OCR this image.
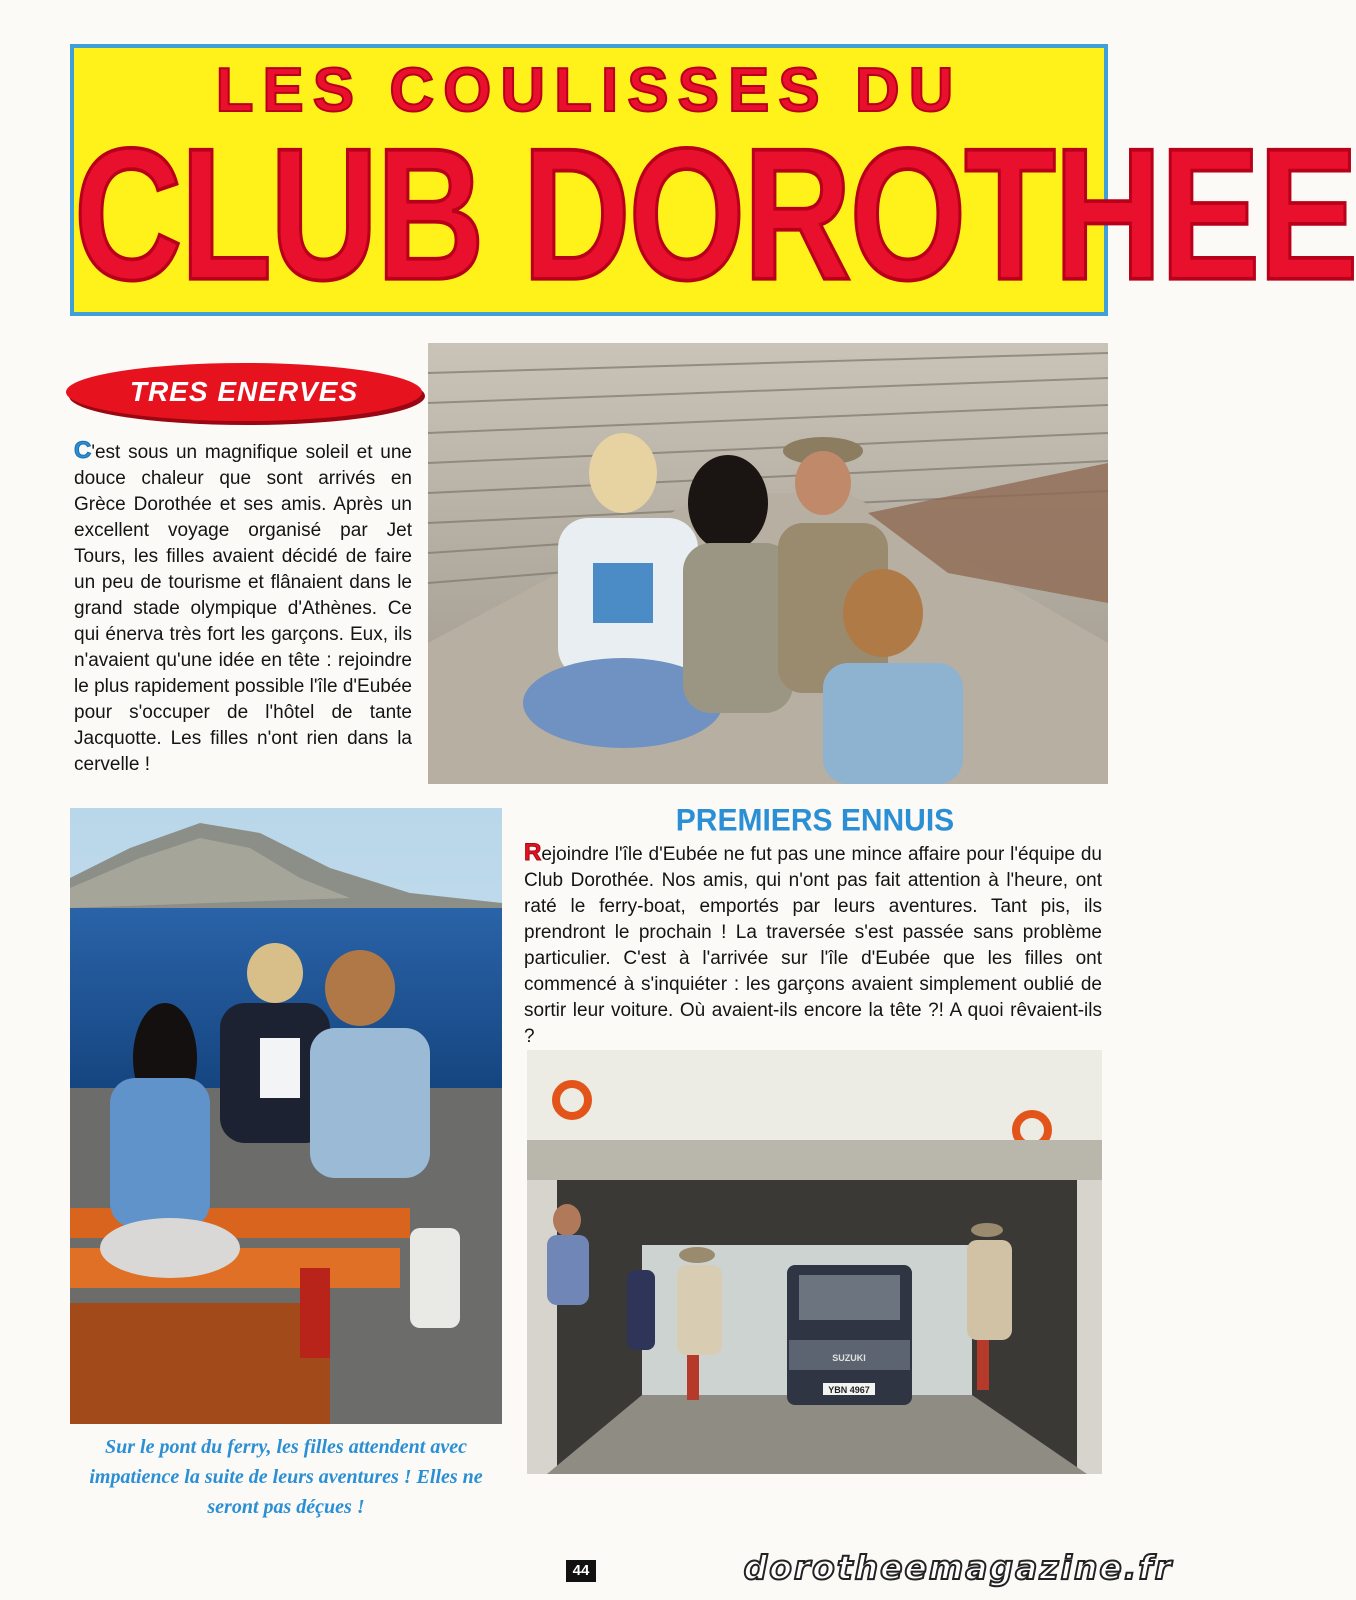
LES COULISSES DU
CLUB DOROTHEE
TRES ENERVES
C'est sous un magnifique soleil et une douce chaleur que sont arrivés en Grèce Dorothée et ses amis. Après un excellent voyage organisé par Jet Tours, les filles avaient décidé de faire un peu de tourisme et flânaient dans le grand stade olympique d'Athènes. Ce qui énerva très fort les garçons. Eux, ils n'avaient qu'une idée en tête : rejoindre le plus rapidement possible l'île d'Eubée pour s'occuper de l'hôtel de tante Jacquotte. Les filles n'ont rien dans la cervelle !
Sur le pont du ferry, les filles attendent avec impatience la suite de leurs aventures ! Elles ne seront pas déçues !
PREMIERS ENNUIS
Rejoindre l'île d'Eubée ne fut pas une mince affaire pour l'équipe du Club Dorothée. Nos amis, qui n'ont pas fait attention à l'heure, ont raté le ferry-boat, emportés par leurs aventures. Tant pis, ils prendront le prochain ! La traversée s'est passée sans problème particulier. C'est à l'arrivée sur l'île d'Eubée que les filles ont commencé à s'inquiéter : les garçons avaient simplement oublié de sortir leur voiture. Où avaient-ils encore la tête ?! A quoi rêvaient-ils ?
SUZUKI
YBN 4967
44	dorotheemagazine.fr
